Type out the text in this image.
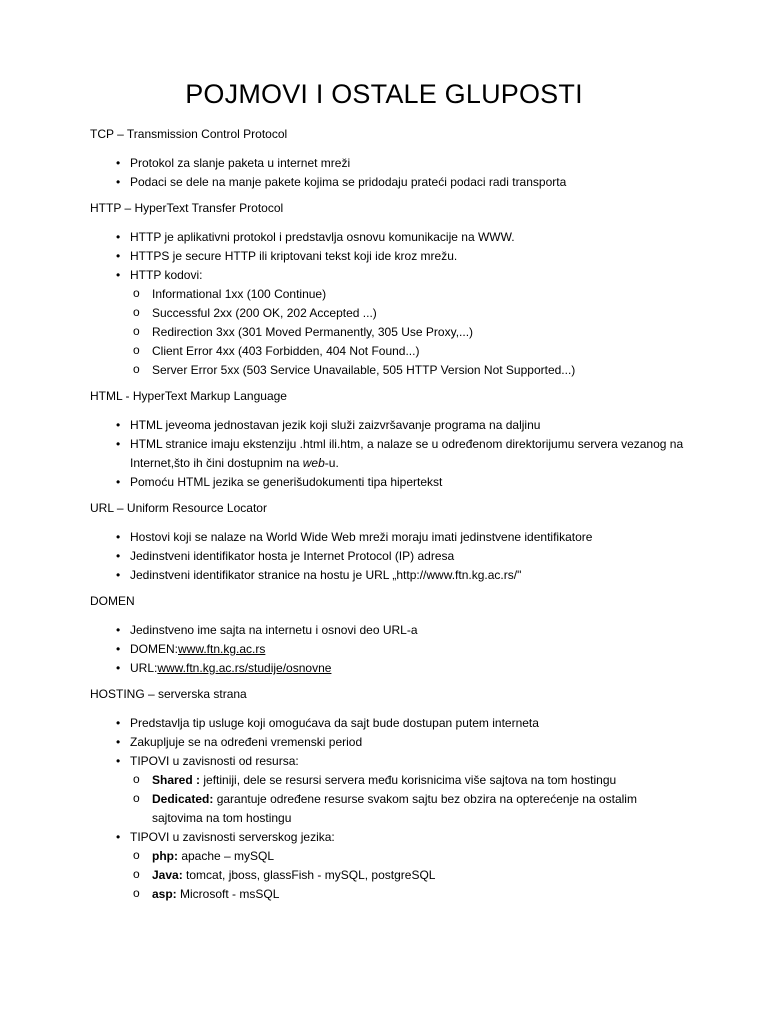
POJMOVI I OSTALE GLUPOSTI
TCP – Transmission Control Protocol
• Protokol za slanje paketa u internet mreži
• Podaci se dele na manje pakete kojima se pridodaju prateći podaci radi transporta
HTTP – HyperText Transfer Protocol
• HTTP je aplikativni protokol i predstavlja osnovu komunikacije na WWW.
• HTTPS je secure HTTP ili kriptovani tekst koji ide kroz mrežu.
• HTTP kodovi:
o Informational 1xx (100 Continue)
o Successful 2xx (200 OK, 202 Accepted ...)
o Redirection 3xx (301 Moved Permanently, 305 Use Proxy,...)
o Client Error 4xx (403 Forbidden, 404 Not Found...)
o Server Error 5xx (503 Service Unavailable, 505 HTTP Version Not Supported...)
HTML - HyperText Markup Language
• HTML jeveoma jednostavan jezik koji služi zaizvršavanje programa na daljinu
• HTML stranice imaju ekstenziju .html ili.htm, a nalaze se u određenom direktorijumu servera vezanog na Internet,što ih čini dostupnim na web-u.
• Pomoću HTML jezika se generišudokumenti tipa hipertekst
URL – Uniform Resource Locator
• Hostovi koji se nalaze na World Wide Web mreži moraju imati jedinstvene identifikatore
• Jedinstveni identifikator hosta je Internet Protocol (IP) adresa
• Jedinstveni identifikator stranice na hostu je URL „http://www.ftn.kg.ac.rs/"
DOMEN
• Jedinstveno ime sajta na internetu i osnovi deo URL-a
• DOMEN:www.ftn.kg.ac.rs
• URL:www.ftn.kg.ac.rs/studije/osnovne
HOSTING – serverska strana
• Predstavlja tip usluge koji omogućava da sajt bude dostupan putem interneta
• Zakupljuje se na određeni vremenski period
• TIPOVI u zavisnosti od resursa:
o Shared : jeftiniji, dele se resursi servera među korisnicima više sajtova na tom hostingu
o Dedicated: garantuje određene resurse svakom sajtu bez obzira na opterećenje na ostalim sajtovima na tom hostingu
• TIPOVI u zavisnosti serverskog jezika:
o php: apache – mySQL
o Java: tomcat, jboss, glassFish - mySQL, postgreSQL
o asp: Microsoft - msSQL
